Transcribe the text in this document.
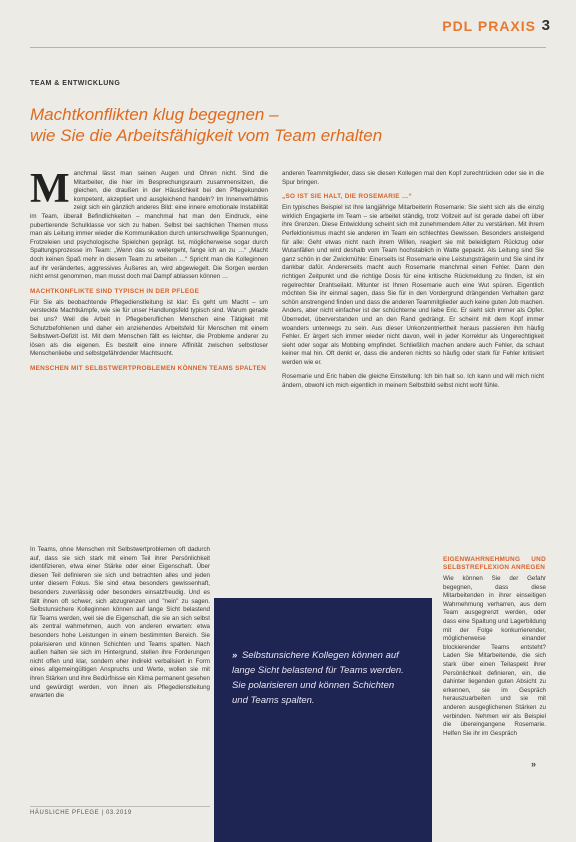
PDL PRAXIS 3
TEAM & ENTWICKLUNG
Machtkonflikten klug begegnen –
wie Sie die Arbeitsfähigkeit vom Team erhalten

M anchmal lässt man seinen Augen und Ohren nicht. Sind die Mitarbeiter, die hier im Besprechungsraum zusammensitzen, die gleichen, die draußen in der Häuslichkeit bei den Pflegekunden kompetent, akzeptiert und ausgleichend handeln? Im Innenverhältnis zeigt sich ein gänzlich anderes Bild: eine innere emotionale Instabilität im Team, überall Befindlichkeiten – manchmal hat man den Eindruck, eine pubertierende Schulklasse vor sich zu haben. Selbst bei sachlichen Themen muss man als Leitung immer wieder die Kommunikation durch unterschwellige Spannungen, Frotzeleien und psychologische Spielchen geprägt. Ist, möglicherweise sogar durch Spaltungsprozesse im Team: „Wenn das so weitergeht, fange ich an zu …“ „Macht doch keinen Spaß mehr in diesem Team zu arbeiten …“ Spricht man die Kolleginnen auf ihr verändertes, aggressives Äußeres an, wird abgewiegelt. Die Sorgen werden nicht ernst genommen, man musst doch mal Dampf ablassen können …

MACHTKONFLIKTE SIND TYPISCH IN DER PFLEGE

Für Sie als beobachtende Pflegedienstleitung ist klar: Es geht um Macht – um versteckte Machtkämpfe, wie sie für unser Handlungsfeld typisch sind. Warum gerade bei uns? Weil die Arbeit in Pflegeberuflichen Menschen eine Tätigkeit mit Schutzbefohlenen und daher ein anziehendes Arbeitsfeld für Menschen mit einem Selbstwert-Defizit ist. Mit dem Menschen fällt es leichter, die Probleme anderer zu lösen als die eigenen. Es bestellt eine innere Affinität zwischen selbstloser Menschenliebe und selbstgefährdender Machtsucht.

MENSCHEN MIT SELBSTWERTPROBLEMEN KÖNNEN TEAMS SPALTEN
In Teams, ohne Menschen mit Selbstwertproblemen oft dadurch auf, dass sie sich stark mit einem Teil ihrer Persönlichkeit identifizieren, etwa einer Stärke oder einer Eigenschaft. Über diesen Teil definieren sie sich und betrachten alles und jeden unter diesem Fokus. Sie sind etwa besonders gewissenhaft, besonders zuverlässig oder besonders einsatzfreudig. Und es fällt ihnen oft schwer, sich abzugrenzen und "nein" zu sagen. Selbstunsichere Kolleginnen können auf lange Sicht belastend für Teams werden, weil sie die Eigenschaft, die sie an sich selbst als zentral wahrnehmen, auch von anderen erwarten: etwa besonders hohe Leistungen in einem bestimmten Bereich. Sie polarisieren und können Schichten und Teams spalten. Nach außen halten sie sich im Hintergrund, stellen ihre Forderungen nicht offen und klar, sondern eher indirekt verbalisiert in Form eines allgemeingültigen Anspruchs und Werte, wollen sie mit ihren Stärken und ihre Bedürfnisse ein Klima permanent gesehen und gewürdigt werden, von ihnen als Pflegedienstleitung erwarten die

anderen Teammitglieder, dass sie diesen Kollegen mal den Kopf zurechtrücken oder sie in die Spur bringen.

„SO IST SIE HALT, DIE ROSEMARIE …“

Ein typisches Beispiel ist Ihre langjährige Mitarbeiterin Rosemarie: Sie sieht sich als die einzig wirklich Engagierte im Team – sie arbeitet ständig, trotz Vollzeit auf ist gerade dabei oft über ihre Grenzen. Diese Entwicklung scheint sich mit zunehmendem Alter zu verstärken. Mit ihrem Perfektionismus macht sie anderen im Team ein schlechtes Gewissen. Besonders ansteigend für alle: Geht etwas nicht nach ihrem Willen, reagiert sie mit beleidigtem Rückzug oder Wutanfällen und wird deshalb vom Team hochstablich in Watte gepackt. Als Leitung sind Sie ganz schön in der Zwickmühle: Einerseits ist Rosemarie eine Leistungsträgerin und Sie sind ihr dankbar dafür. Andererseits macht auch Rosemarie manchmal einen Fehler. Dann den richtigen Zeitpunkt und die richtige Dosis für eine kritische Rückmeldung zu finden, ist ein regelrechter Drahtseilakt. Mitunter ist Ihnen Rosemarie auch eine Wut spüren. Eigentlich möchten Sie ihr einmal sagen, dass Sie für in den Vordergrund drängenden Verhalten ganz schön anstrengend finden und dass die anderen Teammitglieder auch keine guten Job machen. Anders, aber nicht einfacher ist der schüchterne und liebe Eric. Er sieht sich immer als Opfer. Überredet, überverstanden und an den Rand gedrängt. Er scheint mit dem Kopf immer woanders unterwegs zu sein. Aus dieser Unkonzentriertheit heraus passieren ihm häufig Fehler. Er ärgert sich immer wieder nicht davon, weil in jeder Korrektur als Ungerechtigkeit sieht oder sogar als Mobbing empfindet. Schließlich machen andere auch Fehler, da schaut keiner mal hin. Oft denkt er, dass die anderen nichts so häufig oder stark für Fehler kritisiert werden wie er.

Rosemarie und Eric haben die gleiche Einstellung: Ich bin halt so. Ich kann und will mich nicht ändern, obwohl ich mich eigentlich in meinem Selbstbild selbst nicht wohl fühle.

EIGENWAHRNEHMUNG UND SELBSTREFLEXION ANREGEN
Wie können Sie der Gefahr begegnen, dass diese Mitarbeitenden in ihrer einseitigen Wahrnehmung verharren, aus dem Team ausgegrenzt werden, oder dass eine Spaltung und Lagerbildung mit der Folge konkurrierender, möglicherweise einander blockierender Teams entsteht? Laden Sie Mitarbeitende, die sich stark über einen Teilaspekt ihrer Persönlichkeit definieren, ein, die dahinter liegenden guten Absicht zu erkennen, sie im Gespräch herauszuarbeiten und sie mit anderen ausgeglichenen Stärken zu verbinden. Nehmen wir als Beispiel die übereingangene Rosemarie. Helfen Sie ihr im Gespräch
» Selbstunsichere Kollegen können auf lange Sicht belastend für Teams werden. Sie polarisieren und können Schichten und Teams spalten.
»
HÄUSLICHE PFLEGE | 03.2019
